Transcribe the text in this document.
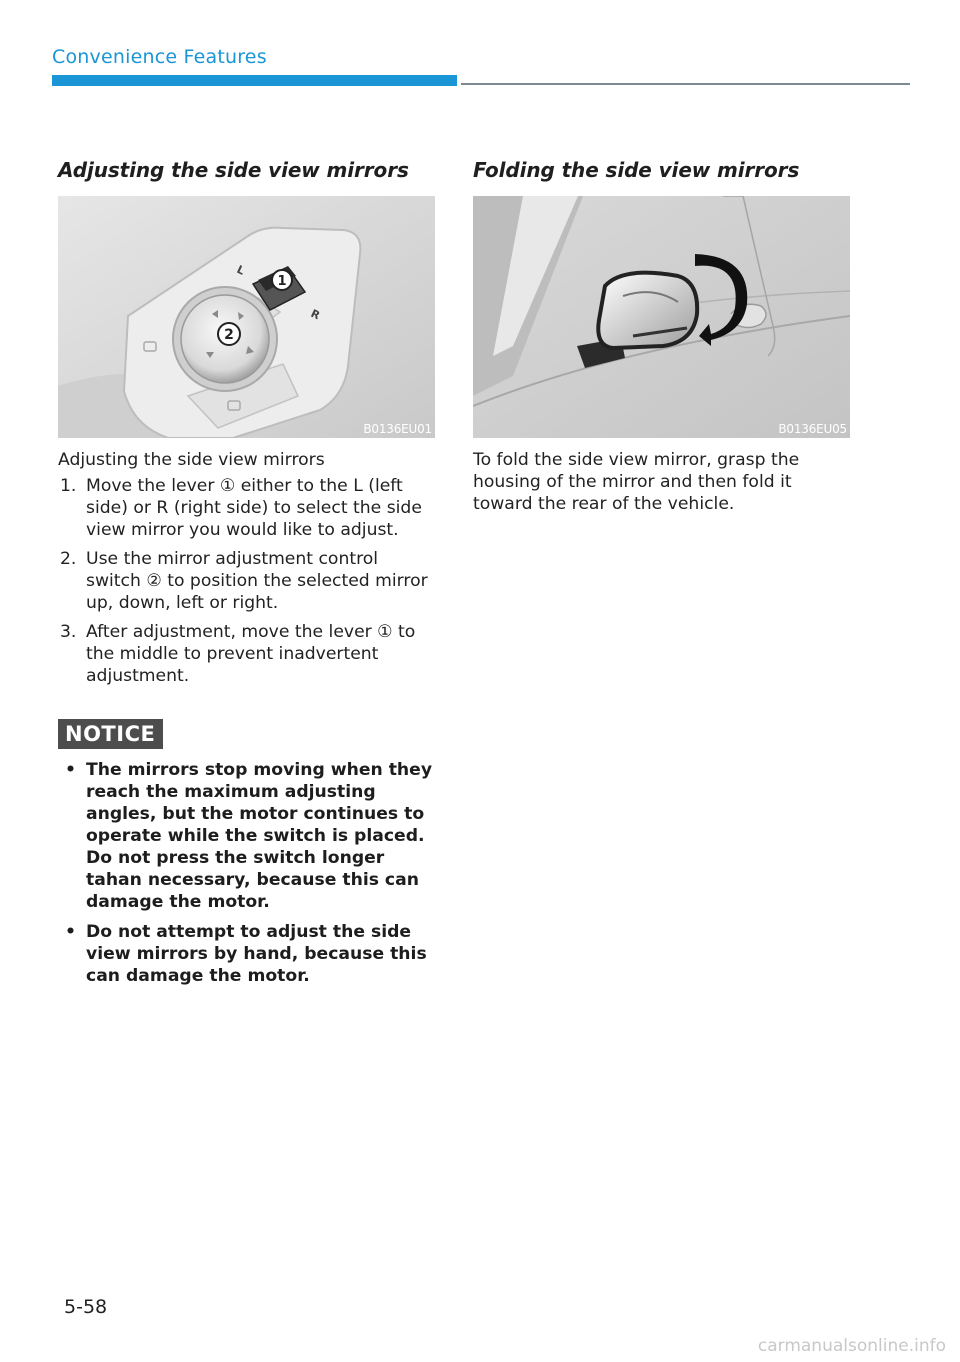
Convenience Features
Adjusting the side view mirrors
2
1
L
R
B0136EU01

Adjusting the side view mirrors

1. Move the lever ① either to the L (left side) or R (right side) to select the side view mirror you would like to adjust.
2. Use the mirror adjustment control switch ② to position the selected mirror up, down, left or right.
3. After adjustment, move the lever ① to the middle to prevent inadvertent adjustment.
NOTICE
• The mirrors stop moving when they reach the maximum adjusting angles, but the motor continues to operate while the switch is placed. Do not press the switch longer tahan necessary, because this can damage the motor.
• Do not attempt to adjust the side view mirrors by hand, because this can damage the motor.
Folding the side view mirrors
B0136EU05

To fold the side view mirror, grasp the housing of the mirror and then fold it toward the rear of the vehicle.

5-58
carmanualsonline.info
